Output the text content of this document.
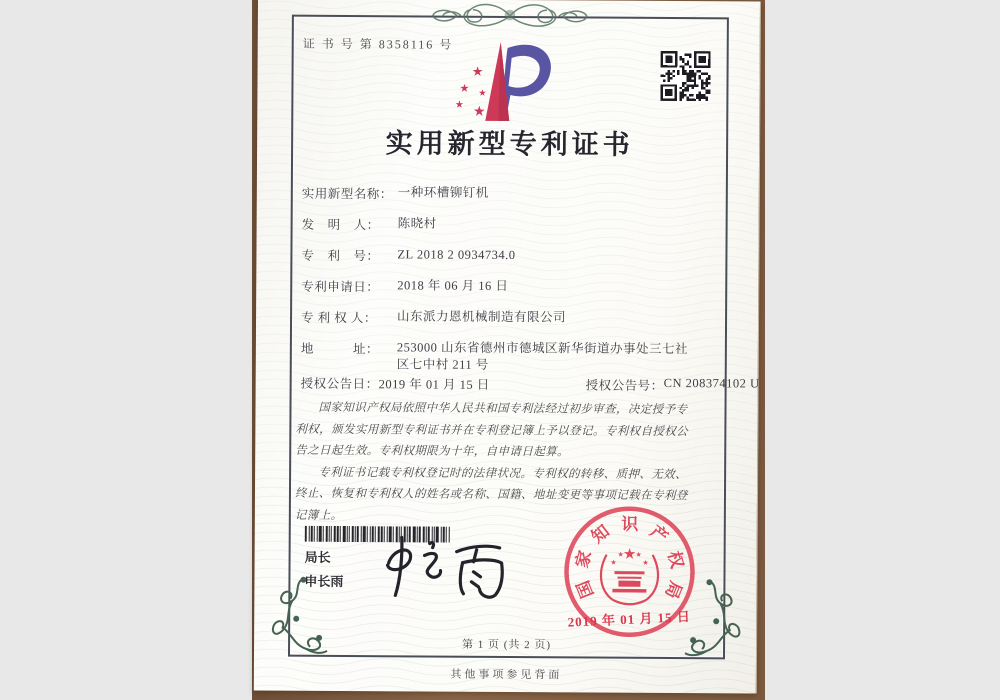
证 书 号 第 8358116 号
★
★ ★
★ ★
实用新型专利证书
实用新型名称： 一种环槽铆钉机
发　明　人：	陈晓村
专　利　号：	ZL 2018 2 0934734.0
专利申请日：	2018 年 06 月 16 日
专 利 权 人：	山东派力恩机械制造有限公司
地　　　址：	253000 山东省德州市德城区新华街道办事处三七社区七中村 211 号
授权公告日： 2019 年 01 月 15 日	授权公告号： CN 208374102 U

国家知识产权局依照中华人民共和国专利法经过初步审查，决定授予专利权，颁发实用新型专利证书并在专利登记簿上予以登记。专利权自授权公告之日起生效。专利权期限为十年，自申请日起算。

专利证书记载专利权登记时的法律状况。专利权的转移、质押、无效、终止、恢复和专利权人的姓名或名称、国籍、地址变更等事项记载在专利登记簿上。

局长
申长雨	国
家
知 识 产
权
局
★
★
★ ★
★
2019 年 01 月 15 日
第 1 页 (共 2 页)
其他事项参见背面
